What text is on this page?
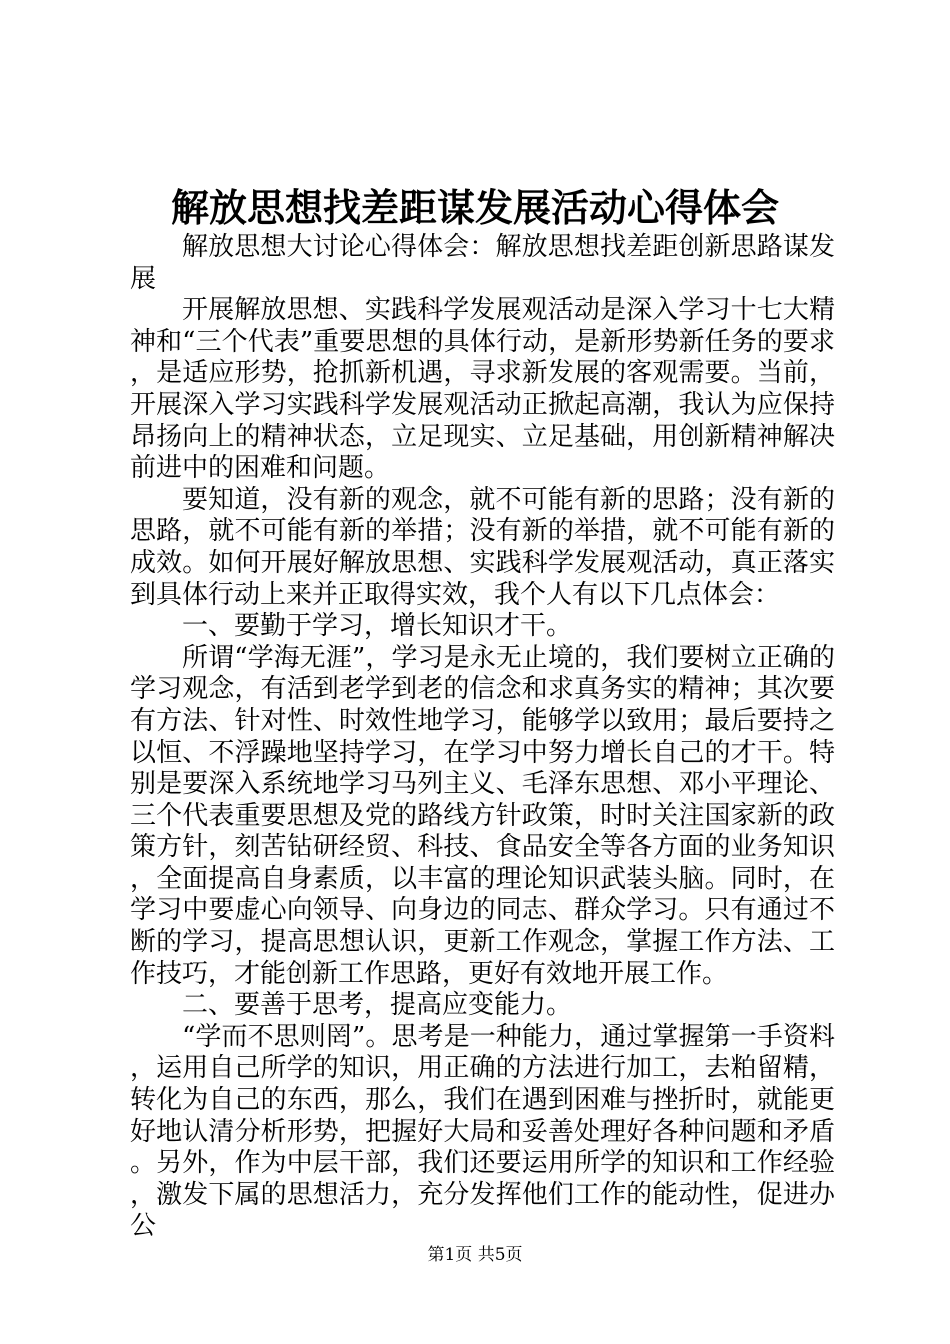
解放思想找差距谋发展活动心得体会

解放思想大讨论心得体会：解放思想找差距创新思路谋发展

开展解放思想、实践科学发展观活动是深入学习十七大精神和“三个代表”重要思想的具体行动，是新形势新任务的要求，是适应形势，抢抓新机遇，寻求新发展的客观需要。当前，开展深入学习实践科学发展观活动正掀起高潮，我认为应保持昂扬向上的精神状态，立足现实、立足基础，用创新精神解决前进中的困难和问题。

要知道，没有新的观念，就不可能有新的思路；没有新的思路，就不可能有新的举措；没有新的举措，就不可能有新的成效。如何开展好解放思想、实践科学发展观活动，真正落实到具体行动上来并正取得实效，我个人有以下几点体会：

一、要勤于学习，增长知识才干。

所谓“学海无涯”，学习是永无止境的，我们要树立正确的学习观念，有活到老学到老的信念和求真务实的精神；其次要有方法、针对性、时效性地学习，能够学以致用；最后要持之以恒、不浮躁地坚持学习，在学习中努力增长自己的才干。特别是要深入系统地学习马列主义、毛泽东思想、邓小平理论、三个代表重要思想及党的路线方针政策，时时关注国家新的政策方针，刻苦钻研经贸、科技、食品安全等各方面的业务知识，全面提高自身素质，以丰富的理论知识武装头脑。同时，在学习中要虚心向领导、向身边的同志、群众学习。只有通过不断的学习，提高思想认识，更新工作观念，掌握工作方法、工作技巧，才能创新工作思路，更好有效地开展工作。

二、要善于思考，提高应变能力。

“学而不思则罔”。思考是一种能力，通过掌握第一手资料，运用自己所学的知识，用正确的方法进行加工，去粕留精，转化为自己的东西，那么，我们在遇到困难与挫折时，就能更好地认清分析形势，把握好大局和妥善处理好各种问题和矛盾。另外，作为中层干部，我们还要运用所学的知识和工作经验，激发下属的思想活力，充分发挥他们工作的能动性，促进办公

第1页 共5页
